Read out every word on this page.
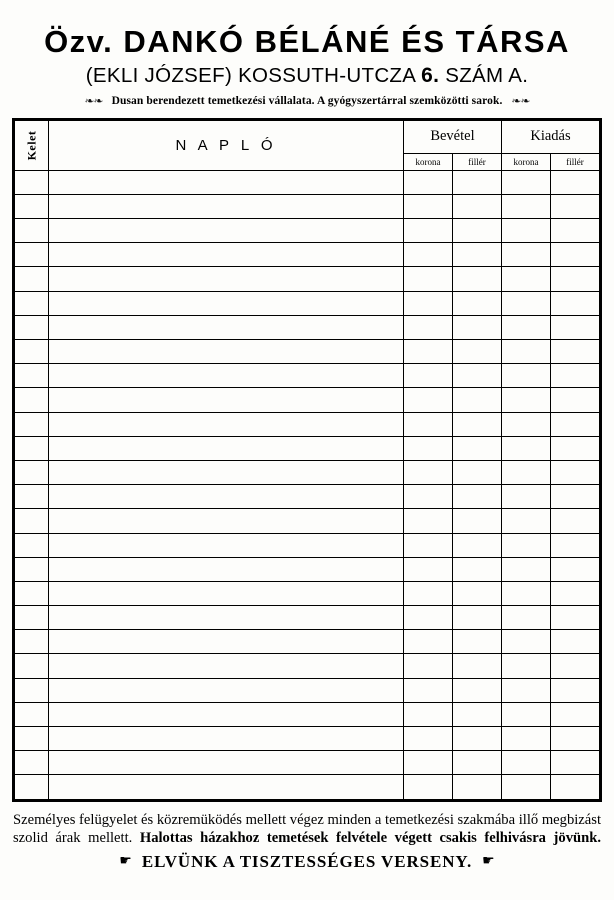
Özv. DANKÓ BÉLÁNÉ ÉS TÁRSA
(EKLI JÓZSEF) KOSSUTH-UTCZA 6. SZÁM A.
❧❧ Dusan berendezett temetkezési vállalata. A gyógyszertárral szemközötti sarok. ❧❧
Kelet	N A P L Ó	Bevétel		Kiadás	
		korona	fillér	korona	fillér

Személyes felügyelet és közremüködés mellett végez minden a temetkezési szakmába illő megbizást szolid árak mellett. Halottas házakhoz temetések felvétele végett csakis felhivásra jövünk.

☛ ELVÜNK A TISZTESSÉGES VERSENY. ☚
